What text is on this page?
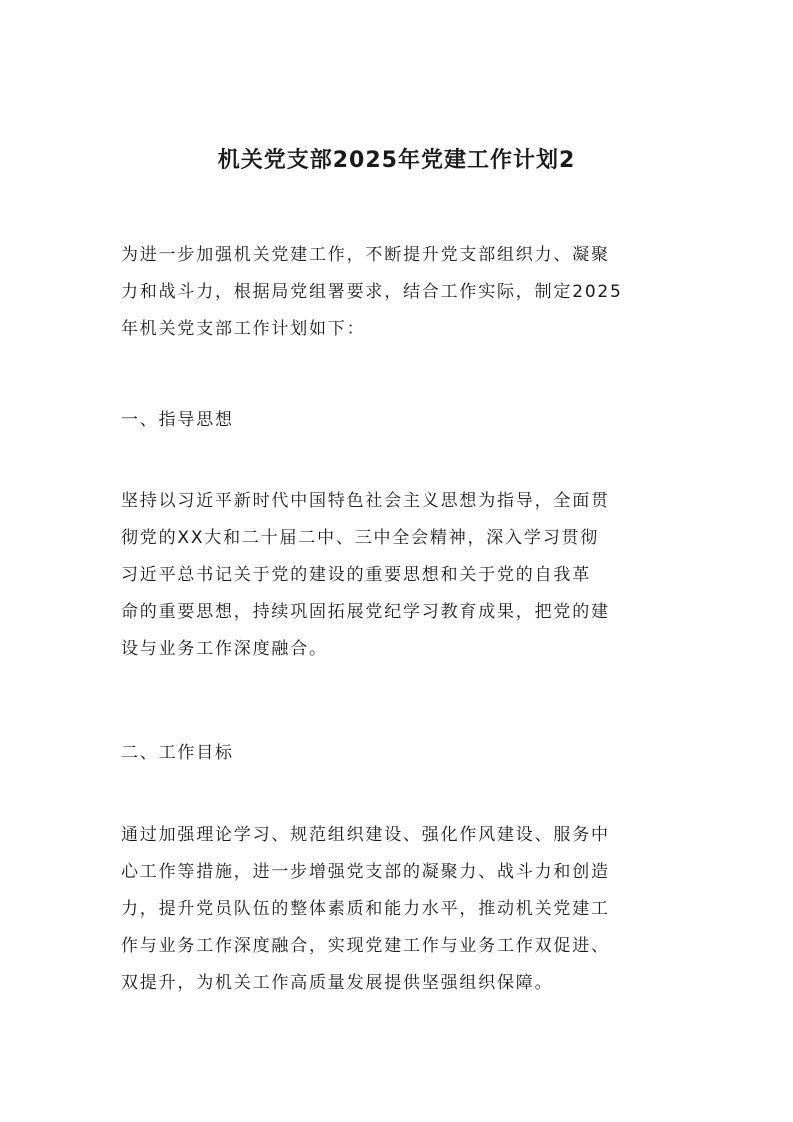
机关党支部2025年党建工作计划2

为进一步加强机关党建工作，不断提升党支部组织力、凝聚
力和战斗力，根据局党组署要求，结合工作实际，制定2025
年机关党支部工作计划如下：

一、指导思想

坚持以习近平新时代中国特色社会主义思想为指导，全面贯
彻党的XX大和二十届二中、三中全会精神，深入学习贯彻
习近平总书记关于党的建设的重要思想和关于党的自我革
命的重要思想，持续巩固拓展党纪学习教育成果，把党的建
设与业务工作深度融合。

二、工作目标

通过加强理论学习、规范组织建设、强化作风建设、服务中
心工作等措施，进一步增强党支部的凝聚力、战斗力和创造
力，提升党员队伍的整体素质和能力水平，推动机关党建工
作与业务工作深度融合，实现党建工作与业务工作双促进、
双提升，为机关工作高质量发展提供坚强组织保障。
